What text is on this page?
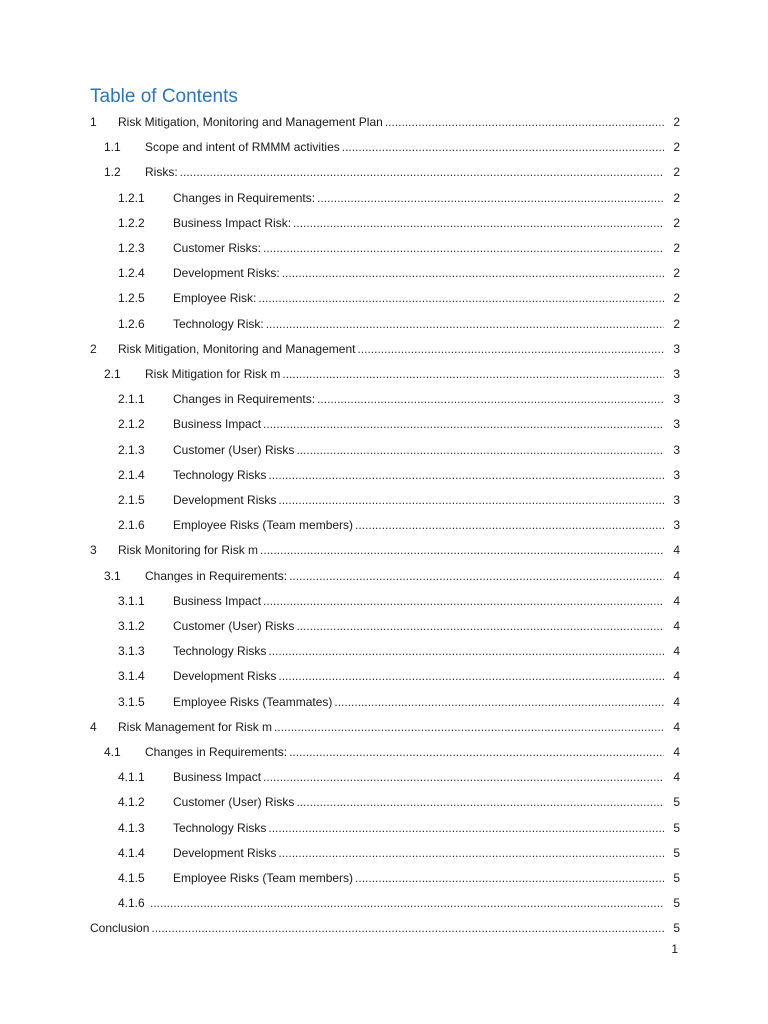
Table of Contents
1 Risk Mitigation, Monitoring and Management Plan .....	2
1.1 Scope and intent of RMMM activities .....	2
1.2 Risks: .....	2
1.2.1 Changes in Requirements: .....	2
1.2.2 Business Impact Risk: .....	2
1.2.3 Customer Risks: .....	2
1.2.4 Development Risks: .....	2
1.2.5 Employee Risk: .....	2
1.2.6 Technology Risk: .....	2
2 Risk Mitigation, Monitoring and Management .....	3
2.1 Risk Mitigation for Risk m .....	3
2.1.1 Changes in Requirements: .....	3
2.1.2 Business Impact .....	3
2.1.3 Customer (User) Risks .....	3
2.1.4 Technology Risks .....	3
2.1.5 Development Risks .....	3
2.1.6 Employee Risks (Team members) .....	3
3 Risk Monitoring for Risk m .....	4
3.1 Changes in Requirements: .....	4
3.1.1 Business Impact .....	4
3.1.2 Customer (User) Risks .....	4
3.1.3 Technology Risks .....	4
3.1.4 Development Risks .....	4
3.1.5 Employee Risks (Teammates) .....	4
4 Risk Management for Risk m .....	4
4.1 Changes in Requirements: .....	4
4.1.1 Business Impact .....	4
4.1.2 Customer (User) Risks .....	5
4.1.3 Technology Risks .....	5
4.1.4 Development Risks .....	5
4.1.5 Employee Risks (Team members) .....	5
4.1.6 .....	5
Conclusion .....	5
1
